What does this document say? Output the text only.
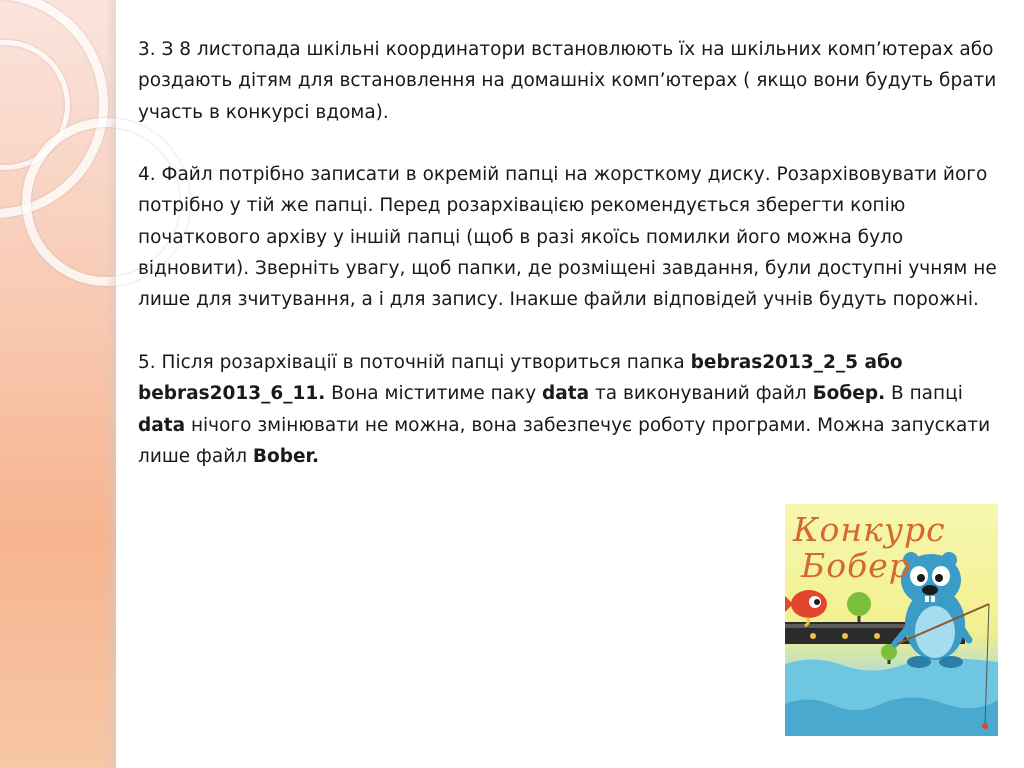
3. З 8 листопада шкільні координатори встановлюють їх на шкільних комп’ютерах або роздають дітям для встановлення на домашніх комп’ютерах ( якщо вони будуть брати участь в конкурсі вдома).

4. Файл потрібно записати в окремій папці на жорсткому диску. Розархівовувати його потрібно у тій же папці. Перед розархівацією рекомендується зберегти копію початкового архіву у іншій папці (щоб в разі якоїсь помилки його можна було відновити). Зверніть увагу, щоб папки, де розміщені завдання, були доступні учням не лише для зчитування, а і для запису. Інакше файли відповідей учнів будуть порожні.

5. Після розархівації в поточній папці утвориться папка bebras2013_2_5 або bebras2013_6_11. Вона міститиме паку data та виконуваний файл Бобер. В папці data нічого змінювати не можна, вона забезпечує роботу програми. Можна запускати лише файл Bober.

Конкурс
Бобер
